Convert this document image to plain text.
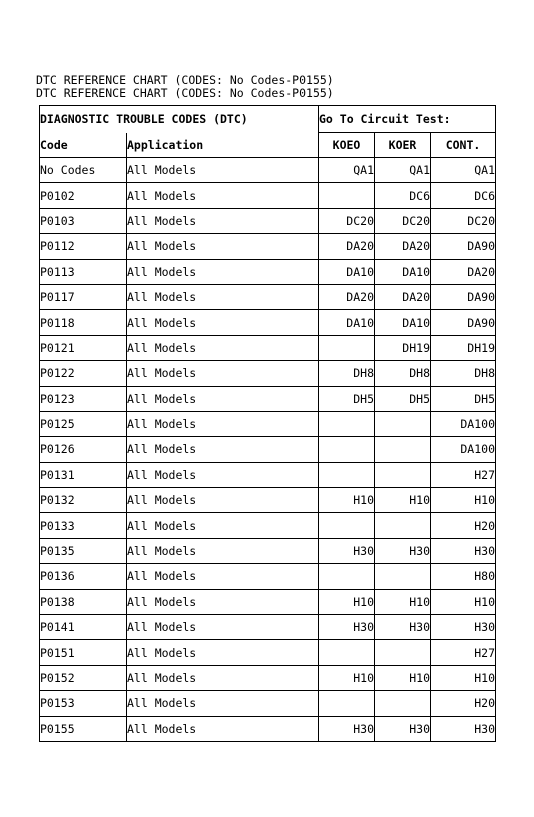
DTC REFERENCE CHART (CODES: No Codes-P0155)
DTC REFERENCE CHART (CODES: No Codes-P0155)
DIAGNOSTIC TROUBLE CODES (DTC)		Go To Circuit Test:		
Code	Application	KOEO	KOER	CONT.
No Codes	All Models	QA1	QA1	QA1
P0102	All Models		DC6	DC6
P0103	All Models	DC20	DC20	DC20
P0112	All Models	DA20	DA20	DA90
P0113	All Models	DA10	DA10	DA20
P0117	All Models	DA20	DA20	DA90
P0118	All Models	DA10	DA10	DA90
P0121	All Models		DH19	DH19
P0122	All Models	DH8	DH8	DH8
P0123	All Models	DH5	DH5	DH5
P0125	All Models			DA100
P0126	All Models			DA100
P0131	All Models			H27
P0132	All Models	H10	H10	H10
P0133	All Models			H20
P0135	All Models	H30	H30	H30
P0136	All Models			H80
P0138	All Models	H10	H10	H10
P0141	All Models	H30	H30	H30
P0151	All Models			H27
P0152	All Models	H10	H10	H10
P0153	All Models			H20
P0155	All Models	H30	H30	H30
